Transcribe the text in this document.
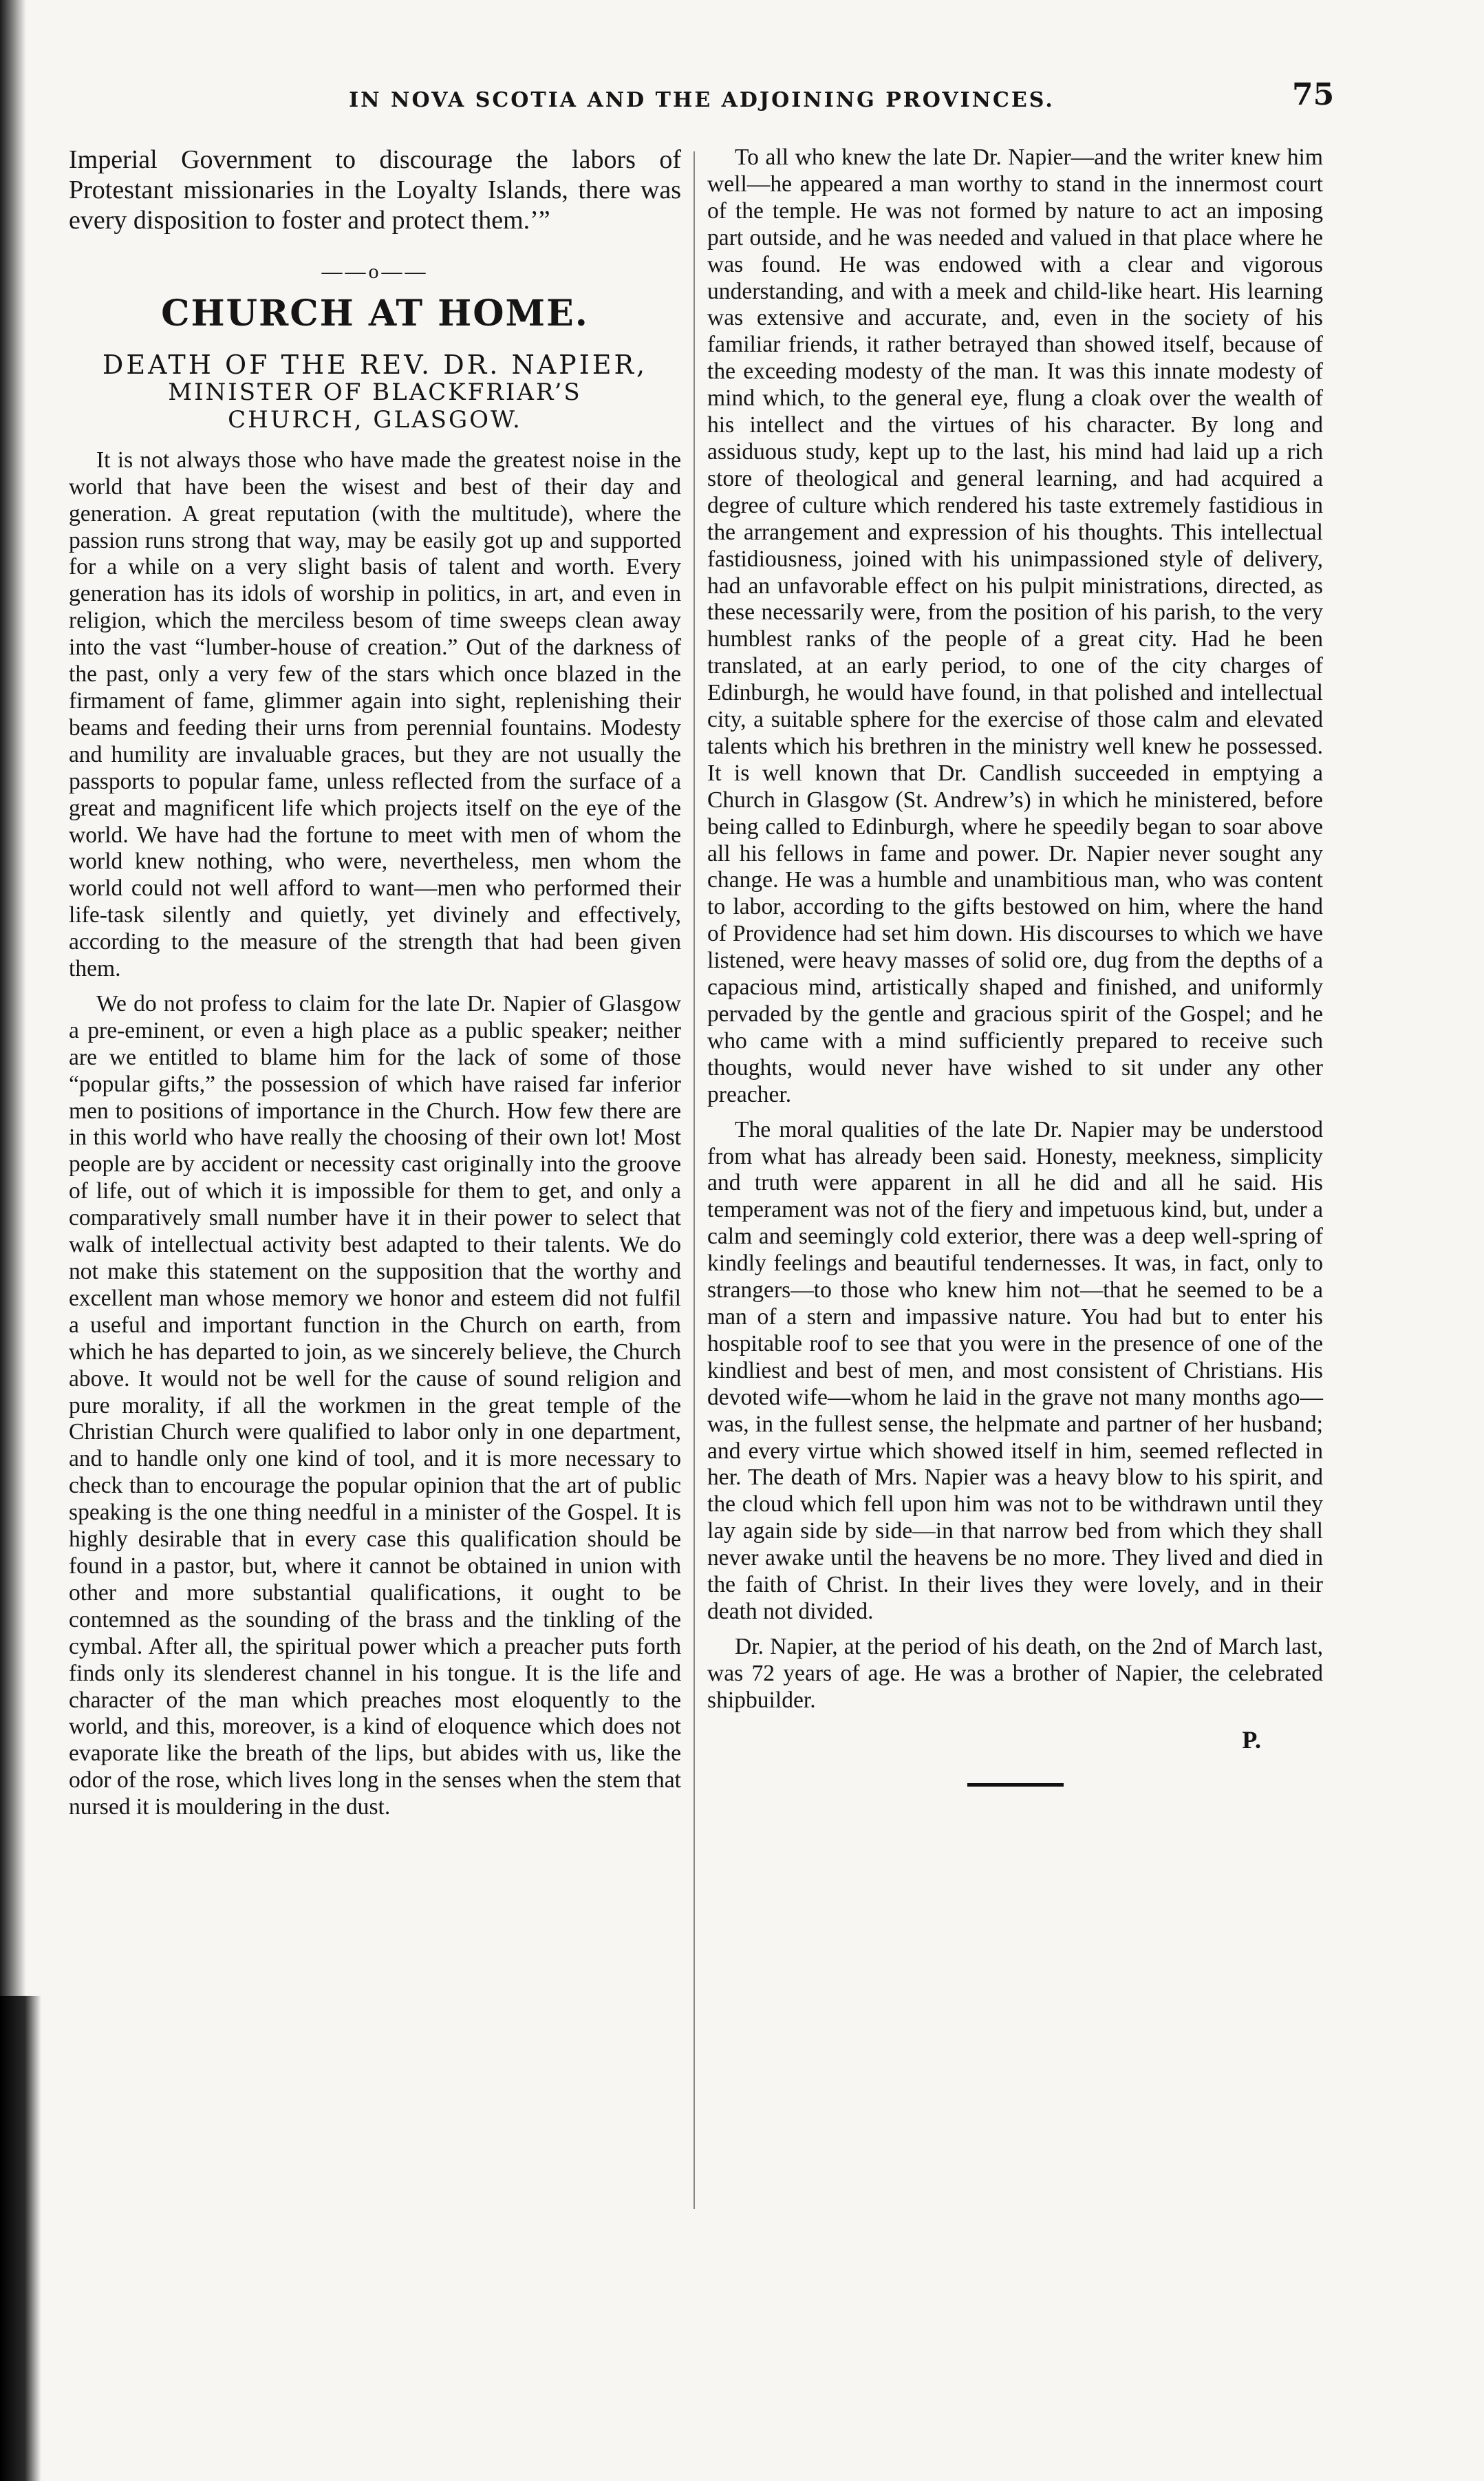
IN NOVA SCOTIA AND THE ADJOINING PROVINCES.	75

Imperial Government to discourage the labors of Protestant missionaries in the Loyalty Islands, there was every disposition to foster and protect them.’”

——o——
CHURCH AT HOME.
DEATH OF THE REV. DR. NAPIER,
MINISTER OF BLACKFRIAR’S
CHURCH, GLASGOW.

It is not always those who have made the greatest noise in the world that have been the wisest and best of their day and generation. A great reputation (with the multitude), where the passion runs strong that way, may be easily got up and supported for a while on a very slight basis of talent and worth. Every generation has its idols of worship in politics, in art, and even in religion, which the merciless besom of time sweeps clean away into the vast “lumber-house of creation.” Out of the darkness of the past, only a very few of the stars which once blazed in the firmament of fame, glimmer again into sight, replenishing their beams and feeding their urns from perennial fountains. Modesty and humility are invaluable graces, but they are not usually the passports to popular fame, unless reflected from the surface of a great and magnificent life which projects itself on the eye of the world. We have had the fortune to meet with men of whom the world knew nothing, who were, nevertheless, men whom the world could not well afford to want—men who performed their life-task silently and quietly, yet divinely and effectively, according to the measure of the strength that had been given them.

We do not profess to claim for the late Dr. Napier of Glasgow a pre-eminent, or even a high place as a public speaker; neither are we entitled to blame him for the lack of some of those “popular gifts,” the possession of which have raised far inferior men to positions of importance in the Church. How few there are in this world who have really the choosing of their own lot! Most people are by accident or necessity cast originally into the groove of life, out of which it is impossible for them to get, and only a comparatively small number have it in their power to select that walk of intellectual activity best adapted to their talents. We do not make this statement on the supposition that the worthy and excellent man whose memory we honor and esteem did not fulfil a useful and important function in the Church on earth, from which he has departed to join, as we sincerely believe, the Church above. It would not be well for the cause of sound religion and pure morality, if all the workmen in the great temple of the Christian Church were qualified to labor only in one department, and to handle only one kind of tool, and it is more necessary to check than to encourage the popular opinion that the art of public speaking is the one thing needful in a minister of the Gospel. It is highly desirable that in every case this qualification should be found in a pastor, but, where it cannot be obtained in union with other and more substantial qualifications, it ought to be contemned as the sounding of the brass and the tinkling of the cymbal. After all, the spiritual power which a preacher puts forth finds only its slenderest channel in his tongue. It is the life and character of the man which preaches most eloquently to the world, and this, moreover, is a kind of eloquence which does not evaporate like the breath of the lips, but abides with us, like the odor of the rose, which lives long in the senses when the stem that nursed it is mouldering in the dust.

To all who knew the late Dr. Napier—and the writer knew him well—he appeared a man worthy to stand in the innermost court of the temple. He was not formed by nature to act an imposing part outside, and he was needed and valued in that place where he was found. He was endowed with a clear and vigorous understanding, and with a meek and child-like heart. His learning was extensive and accurate, and, even in the society of his familiar friends, it rather betrayed than showed itself, because of the exceeding modesty of the man. It was this innate modesty of mind which, to the general eye, flung a cloak over the wealth of his intellect and the virtues of his character. By long and assiduous study, kept up to the last, his mind had laid up a rich store of theological and general learning, and had acquired a degree of culture which rendered his taste extremely fastidious in the arrangement and expression of his thoughts. This intellectual fastidiousness, joined with his unimpassioned style of delivery, had an unfavorable effect on his pulpit ministrations, directed, as these necessarily were, from the position of his parish, to the very humblest ranks of the people of a great city. Had he been translated, at an early period, to one of the city charges of Edinburgh, he would have found, in that polished and intellectual city, a suitable sphere for the exercise of those calm and elevated talents which his brethren in the ministry well knew he possessed. It is well known that Dr. Candlish succeeded in emptying a Church in Glasgow (St. Andrew’s) in which he ministered, before being called to Edinburgh, where he speedily began to soar above all his fellows in fame and power. Dr. Napier never sought any change. He was a humble and unambitious man, who was content to labor, according to the gifts bestowed on him, where the hand of Providence had set him down. His discourses to which we have listened, were heavy masses of solid ore, dug from the depths of a capacious mind, artistically shaped and finished, and uniformly pervaded by the gentle and gracious spirit of the Gospel; and he who came with a mind sufficiently prepared to receive such thoughts, would never have wished to sit under any other preacher.

The moral qualities of the late Dr. Napier may be understood from what has already been said. Honesty, meekness, simplicity and truth were apparent in all he did and all he said. His temperament was not of the fiery and impetuous kind, but, under a calm and seemingly cold exterior, there was a deep well-spring of kindly feelings and beautiful tendernesses. It was, in fact, only to strangers—to those who knew him not—that he seemed to be a man of a stern and impassive nature. You had but to enter his hospitable roof to see that you were in the presence of one of the kindliest and best of men, and most consistent of Christians. His devoted wife—whom he laid in the grave not many months ago—was, in the fullest sense, the helpmate and partner of her husband; and every virtue which showed itself in him, seemed reflected in her. The death of Mrs. Napier was a heavy blow to his spirit, and the cloud which fell upon him was not to be withdrawn until they lay again side by side—in that narrow bed from which they shall never awake until the heavens be no more. They lived and died in the faith of Christ. In their lives they were lovely, and in their death not divided.

Dr. Napier, at the period of his death, on the 2nd of March last, was 72 years of age. He was a brother of Napier, the celebrated shipbuilder.

P.
